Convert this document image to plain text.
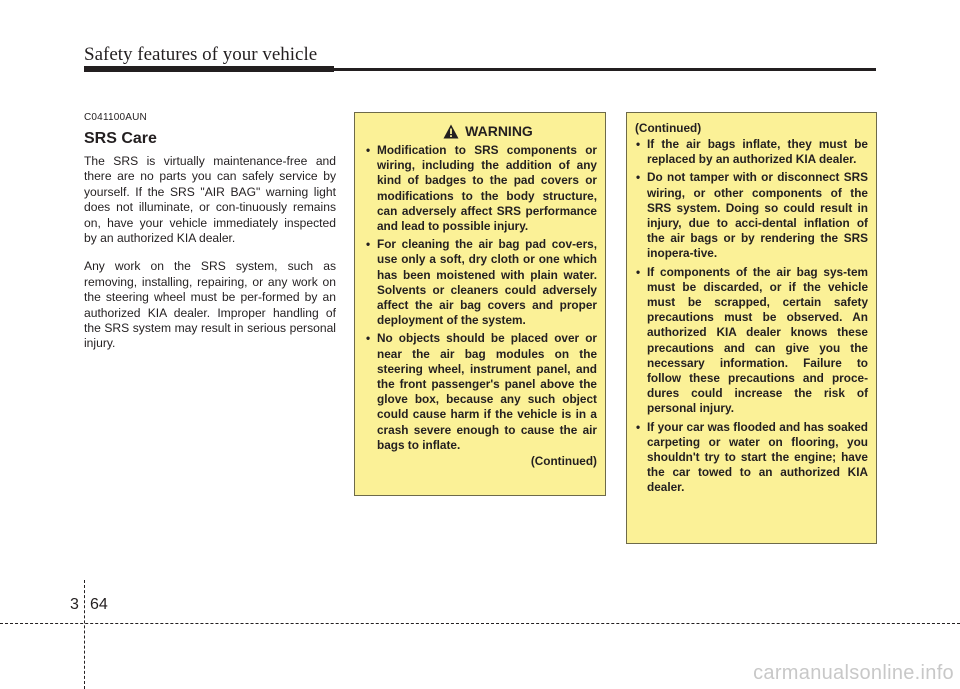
Safety features of your vehicle
C041100AUN
SRS Care

The SRS is virtually maintenance-free and there are no parts you can safely service by yourself. If the SRS "AIR BAG" warning light does not illuminate, or con-tinuously remains on, have your vehicle immediately inspected by an authorized KIA dealer.

Any work on the SRS system, such as removing, installing, repairing, or any work on the steering wheel must be per-formed by an authorized KIA dealer. Improper handling of the SRS system may result in serious personal injury.

WARNING
• Modification to SRS components or wiring, including the addition of any kind of badges to the pad covers or modifications to the body structure, can adversely affect SRS performance and lead to possible injury.
• For cleaning the air bag pad cov-ers, use only a soft, dry cloth or one which has been moistened with plain water. Solvents or cleaners could adversely affect the air bag covers and proper deployment of the system.
• No objects should be placed over or near the air bag modules on the steering wheel, instrument panel, and the front passenger's panel above the glove box, because any such object could cause harm if the vehicle is in a crash severe enough to cause the air bags to inflate.
(Continued)
(Continued)
• If the air bags inflate, they must be replaced by an authorized KIA dealer.
• Do not tamper with or disconnect SRS wiring, or other components of the SRS system. Doing so could result in injury, due to acci-dental inflation of the air bags or by rendering the SRS inopera-tive.
• If components of the air bag sys-tem must be discarded, or if the vehicle must be scrapped, certain safety precautions must be observed. An authorized KIA dealer knows these precautions and can give you the necessary information. Failure to follow these precautions and proce-dures could increase the risk of personal injury.
• If your car was flooded and has soaked carpeting or water on flooring, you shouldn't try to start the engine; have the car towed to an authorized KIA dealer.
3 64
carmanualsonline.info
